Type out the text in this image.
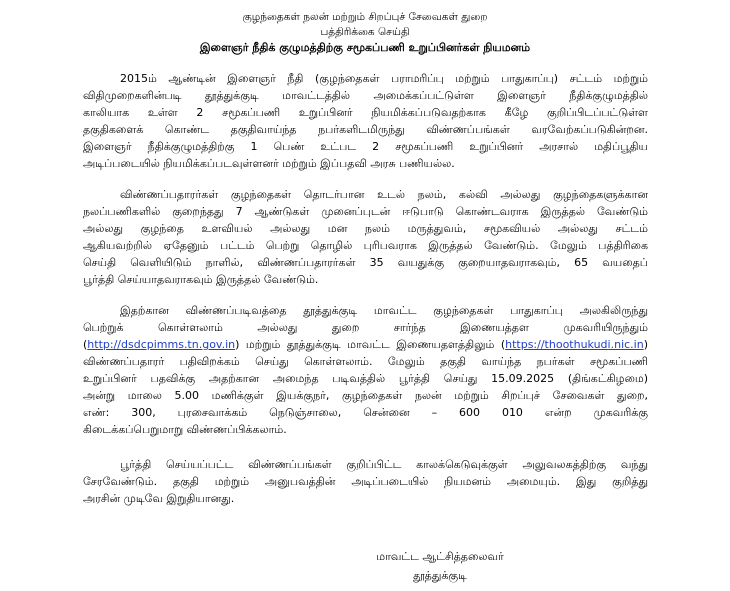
குழந்தைகள் நலன் மற்றும் சிறப்புச் சேவைகள் துறை
பத்திரிக்கை செய்தி
இளைஞர் நீதிக் குழுமத்திற்கு சமூகப்பணி உறுப்பினர்கள் நியமனம்
2015ம் ஆண்டின் இளைஞர் நீதி (குழந்தைகள் பராமரிப்பு மற்றும் பாதுகாப்பு) சட்டம் மற்றும்
விதிமுறைகளின்படி தூத்துக்குடி மாவட்டத்தில் அமைக்கப்பட்டுள்ள இளைஞர் நீதிக்குழுமத்தில்
காலியாக உள்ள 2 சமூகப்பணி உறுப்பினர் நியமிக்கப்படுவதற்காக கீழே குறிப்பிடப்பட்டுள்ள
தகுதிகளைக் கொண்ட தகுதிவாய்ந்த நபர்களிடமிருந்து விண்ணப்பங்கள் வரவேற்கப்படுகின்றன.
இளைஞர் நீதிக்குழுமத்திற்கு 1 பெண் உட்பட 2 சமூகப்பணி உறுப்பினர் அரசால் மதிப்பூதிய
அடிப்படையில் நியமிக்கப்படவுள்ளனர் மற்றும் இப்பதவி அரசு பணியல்ல.
விண்ணப்பதாரர்கள் குழந்தைகள் தொடர்பான உடல் நலம், கல்வி அல்லது குழந்தைகளுக்கான
நலப்பணிகளில் குறைந்தது 7 ஆண்டுகள் முனைப்புடன் ஈடுபாடு கொண்டவராக இருத்தல் வேண்டும்
அல்லது குழந்தை உளவியல் அல்லது மன நலம் மருத்துவம், சமூகவியல் அல்லது சட்டம்
ஆகியவற்றில் ஏதேனும் பட்டம் பெற்று தொழில் புரிபவராக இருத்தல் வேண்டும். மேலும் பத்திரிகை
செய்தி வெளியிடும் நாளில், விண்ணப்பதாரர்கள் 35 வயதுக்கு குறையாதவராகவும், 65 வயதைப்
பூர்த்தி செய்யாதவராகவும் இருத்தல் வேண்டும்.
இதற்கான விண்ணப்படிவத்தை தூத்துக்குடி மாவட்ட குழந்தைகள் பாதுகாப்பு அலகிலிருந்து
பெற்றுக் கொள்ளலாம் அல்லது துறை சார்ந்த இணையத்தள முகவரியிருந்தும்
(http://dsdcpimms.tn.gov.in) மற்றும் தூத்துக்குடி மாவட்ட இணையதளத்திலும் (https://thoothukudi.nic.in)
விண்ணப்பதாரர் பதிவிறக்கம் செய்து கொள்ளலாம். மேலும் தகுதி வாய்ந்த நபர்கள் சமூகப்பணி
உறுப்பினர் பதவிக்கு அதற்கான அமைந்த படிவத்தில் பூர்த்தி செய்து 15.09.2025 (திங்கட்கிழமை)
அன்று மாலை 5.00 மணிக்குள் இயக்குநர், குழந்தைகள் நலன் மற்றும் சிறப்புச் சேவைகள் துறை,
எண்: 300, புரசைவாக்கம் நெடுஞ்சாலை, சென்னை – 600 010 என்ற முகவரிக்கு
கிடைக்கப்பெறுமாறு விண்ணப்பிக்கலாம்.
பூர்த்தி செய்யப்பட்ட விண்ணப்பங்கள் குறிப்பிட்ட காலக்கெடுவுக்குள் அலுவலகத்திற்கு வந்து
சேரவேண்டும். தகுதி மற்றும் அனுபவத்தின் அடிப்படையில் நியமனம் அமையும். இது குறித்து
அரசின் முடிவே இறுதியானது.
மாவட்ட ஆட்சித்தலைவர்
தூத்துக்குடி
